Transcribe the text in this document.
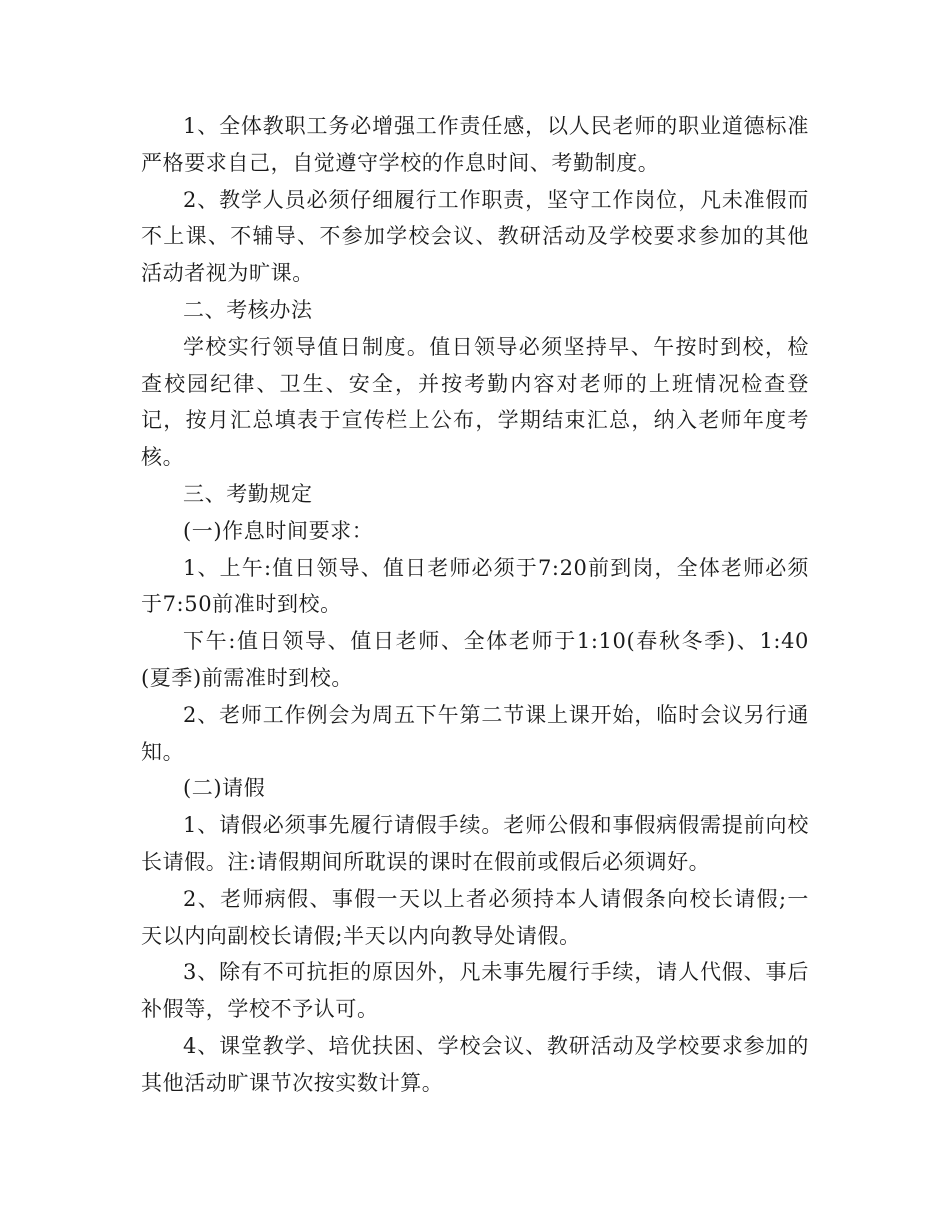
1、全体教职工务必增强工作责任感，以人民老师的职业道德标准严格要求自己，自觉遵守学校的作息时间、考勤制度。

2、教学人员必须仔细履行工作职责，坚守工作岗位，凡未准假而不上课、不辅导、不参加学校会议、教研活动及学校要求参加的其他活动者视为旷课。

二、考核办法

学校实行领导值日制度。值日领导必须坚持早、午按时到校，检查校园纪律、卫生、安全，并按考勤内容对老师的上班情况检查登记，按月汇总填表于宣传栏上公布，学期结束汇总，纳入老师年度考核。

三、考勤规定

(一)作息时间要求：

1、上午:值日领导、值日老师必须于7:20前到岗，全体老师必须于7:50前准时到校。

下午:值日领导、值日老师、全体老师于1:10(春秋冬季)、1:40(夏季)前需准时到校。

2、老师工作例会为周五下午第二节课上课开始，临时会议另行通知。

(二)请假

1、请假必须事先履行请假手续。老师公假和事假病假需提前向校长请假。注:请假期间所耽误的课时在假前或假后必须调好。

2、老师病假、事假一天以上者必须持本人请假条向校长请假;一天以内向副校长请假;半天以内向教导处请假。

3、除有不可抗拒的原因外，凡未事先履行手续，请人代假、事后补假等，学校不予认可。

4、课堂教学、培优扶困、学校会议、教研活动及学校要求参加的其他活动旷课节次按实数计算。
